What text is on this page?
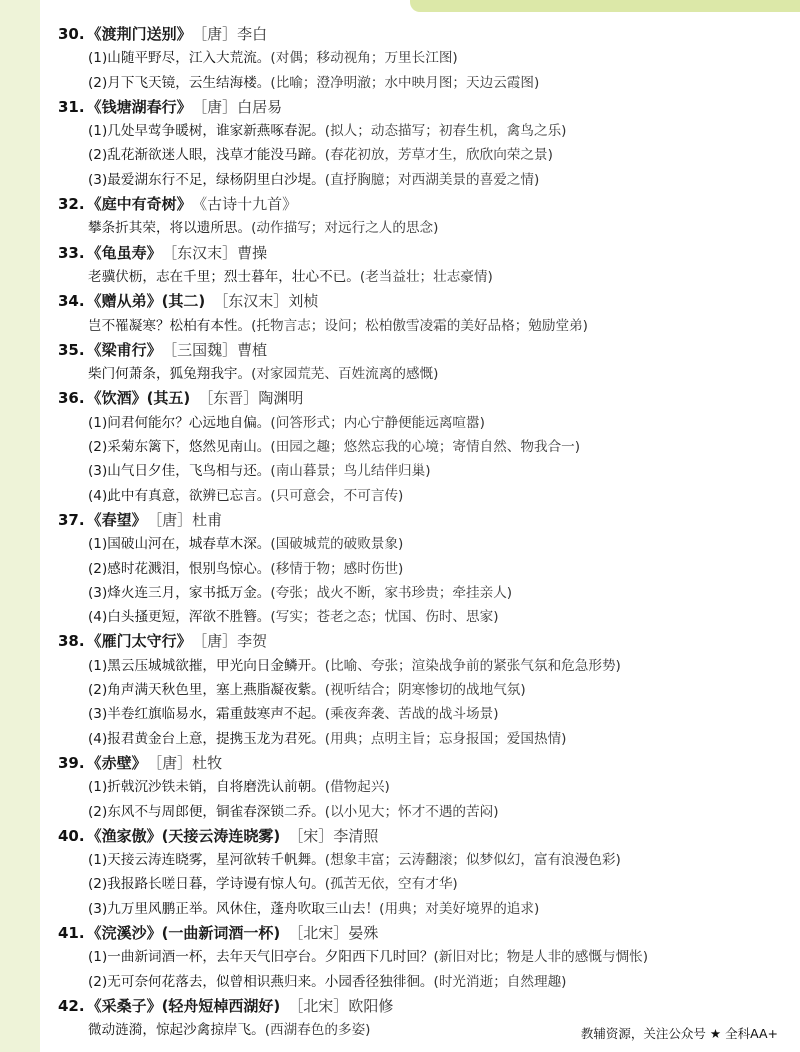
30. 《渡荆门送别》 ［唐］李白
(1)山随平野尽，江入大荒流。(对偶；移动视角；万里长江图)
(2)月下飞天镜，云生结海楼。(比喻；澄净明澈；水中映月图；天边云霞图)
31. 《钱塘湖春行》 ［唐］白居易
(1)几处早莺争暖树，谁家新燕啄春泥。(拟人；动态描写；初春生机，禽鸟之乐)
(2)乱花渐欲迷人眼，浅草才能没马蹄。(春花初放，芳草才生，欣欣向荣之景)
(3)最爱湖东行不足，绿杨阴里白沙堤。(直抒胸臆；对西湖美景的喜爱之情)
32. 《庭中有奇树》 《古诗十九首》
攀条折其荣，将以遗所思。(动作描写；对远行之人的思念)
33. 《龟虽寿》 ［东汉末］曹操
老骥伏枥，志在千里；烈士暮年，壮心不已。(老当益壮；壮志豪情)
34. 《赠从弟》(其二) ［东汉末］刘桢
岂不罹凝寒？松柏有本性。(托物言志；设问；松柏傲雪凌霜的美好品格；勉励堂弟)
35. 《梁甫行》 ［三国魏］曹植
柴门何萧条，狐兔翔我宇。(对家园荒芜、百姓流离的感慨)
36. 《饮酒》(其五) ［东晋］陶渊明
(1)问君何能尔？心远地自偏。(问答形式；内心宁静便能远离喧嚣)
(2)采菊东篱下，悠然见南山。(田园之趣；悠然忘我的心境；寄情自然、物我合一)
(3)山气日夕佳，飞鸟相与还。(南山暮景；鸟儿结伴归巢)
(4)此中有真意，欲辨已忘言。(只可意会，不可言传)
37. 《春望》 ［唐］杜甫
(1)国破山河在，城春草木深。(国破城荒的破败景象)
(2)感时花溅泪，恨别鸟惊心。(移情于物；感时伤世)
(3)烽火连三月，家书抵万金。(夸张；战火不断，家书珍贵；牵挂亲人)
(4)白头搔更短，浑欲不胜簪。(写实；苍老之态；忧国、伤时、思家)
38. 《雁门太守行》 ［唐］李贺
(1)黑云压城城欲摧，甲光向日金鳞开。(比喻、夸张；渲染战争前的紧张气氛和危急形势)
(2)角声满天秋色里，塞上燕脂凝夜紫。(视听结合；阴寒惨切的战地气氛)
(3)半卷红旗临易水，霜重鼓寒声不起。(乘夜奔袭、苦战的战斗场景)
(4)报君黄金台上意，提携玉龙为君死。(用典；点明主旨；忘身报国；爱国热情)
39. 《赤壁》 ［唐］杜牧
(1)折戟沉沙铁未销，自将磨洗认前朝。(借物起兴)
(2)东风不与周郎便，铜雀春深锁二乔。(以小见大；怀才不遇的苦闷)
40. 《渔家傲》(天接云涛连晓雾) ［宋］李清照
(1)天接云涛连晓雾，星河欲转千帆舞。(想象丰富；云涛翻滚；似梦似幻，富有浪漫色彩)
(2)我报路长嗟日暮，学诗谩有惊人句。(孤苦无依，空有才华)
(3)九万里风鹏正举。风休住，蓬舟吹取三山去！(用典；对美好境界的追求)
41. 《浣溪沙》(一曲新词酒一杯) ［北宋］晏殊
(1)一曲新词酒一杯，去年天气旧亭台。夕阳西下几时回？(新旧对比；物是人非的感慨与惆怅)
(2)无可奈何花落去，似曾相识燕归来。小园香径独徘徊。(时光消逝；自然理趣)
42. 《采桑子》(轻舟短棹西湖好) ［北宋］欧阳修
微动涟漪，惊起沙禽掠岸飞。(西湖春色的多姿)	教辅资源，关注公众号 ★ 全科AA+
